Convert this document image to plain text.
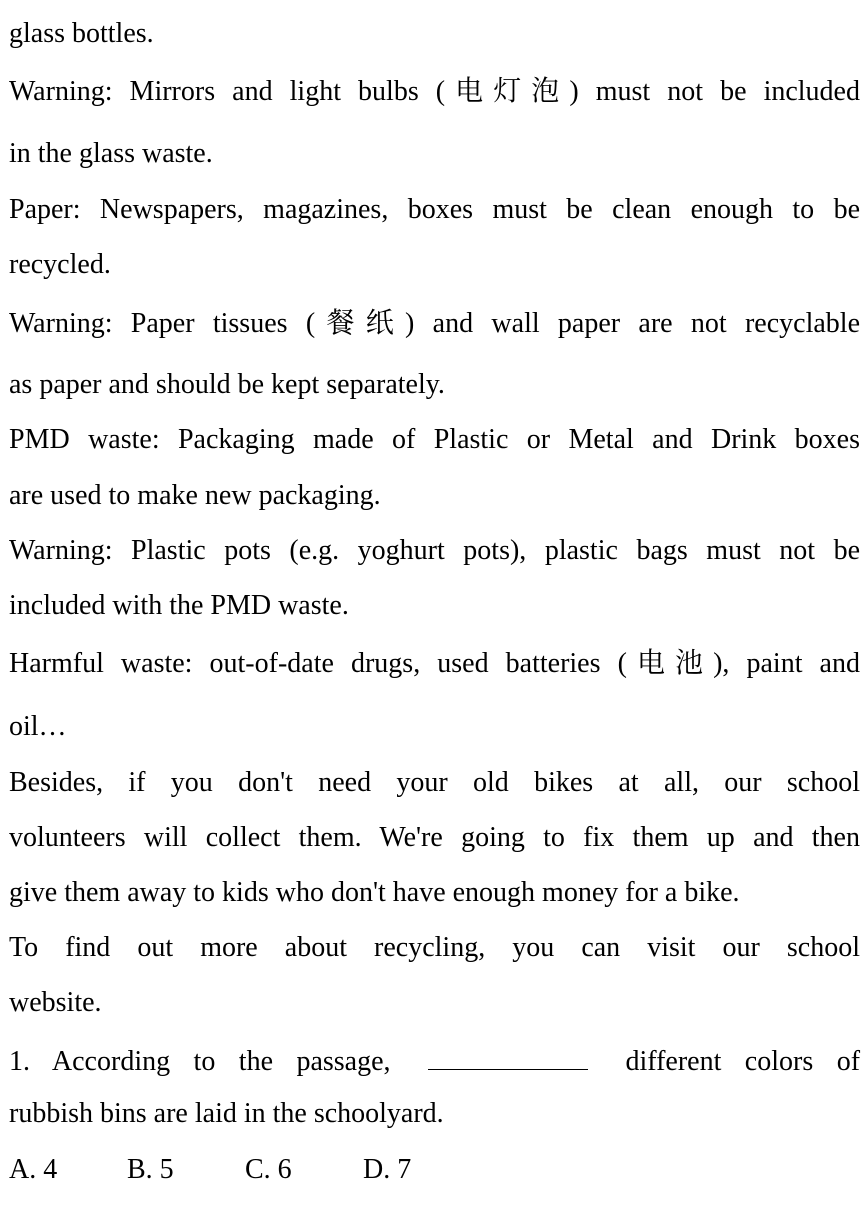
glass bottles.
Warning: Mirrors and light bulbs (电灯泡) must not be included
in the glass waste.
Paper: Newspapers, magazines, boxes must be clean enough to be
recycled.
Warning: Paper tissues (餐纸) and wall paper are not recyclable
as paper and should be kept separately.
PMD waste: Packaging made of Plastic or Metal and Drink boxes
are used to make new packaging.
Warning: Plastic pots (e.g. yoghurt pots), plastic bags must not be
included with the PMD waste.
Harmful waste: out-of-date drugs, used batteries (电池), paint and
oil…
Besides, if you don't need your old bikes at all, our school
volunteers will collect them. We're going to fix them up and then
give them away to kids who don't have enough money for a bike.
To find out more about recycling, you can visit our school
website.
1. According to the passage,	different colors of
rubbish bins are laid in the schoolyard.
A. 4 B. 5	C. 6	D. 7
